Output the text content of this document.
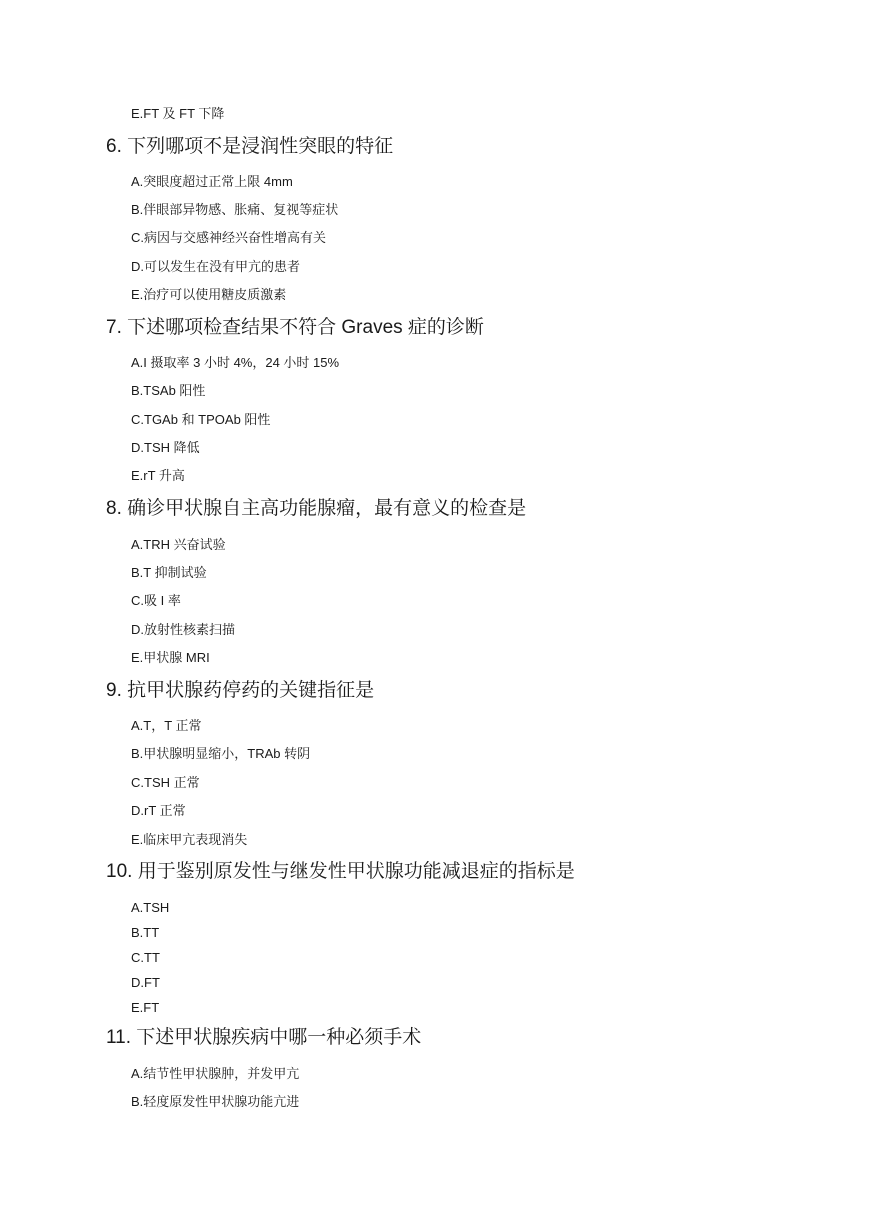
E.FT 及 FT 下降
6. 下列哪项不是浸润性突眼的特征
A.突眼度超过正常上限 4mm
B.伴眼部异物感、胀痛、复视等症状
C.病因与交感神经兴奋性增高有关
D.可以发生在没有甲亢的患者
E.治疗可以使用糖皮质激素
7. 下述哪项检查结果不符合 Graves 症的诊断
A.I 摄取率 3 小时 4%，24 小时 15%
B.TSAb 阳性
C.TGAb 和 TPOAb 阳性
D.TSH 降低
E.rT 升高
8. 确诊甲状腺自主高功能腺瘤，最有意义的检查是
A.TRH 兴奋试验
B.T 抑制试验
C.吸 I 率
D.放射性核素扫描
E.甲状腺 MRI
9. 抗甲状腺药停药的关键指征是
A.T，T 正常
B.甲状腺明显缩小，TRAb 转阴
C.TSH 正常
D.rT 正常
E.临床甲亢表现消失
10. 用于鉴别原发性与继发性甲状腺功能减退症的指标是
A.TSH
B.TT
C.TT
D.FT
E.FT
11. 下述甲状腺疾病中哪一种必须手术
A.结节性甲状腺肿，并发甲亢
B.轻度原发性甲状腺功能亢进
